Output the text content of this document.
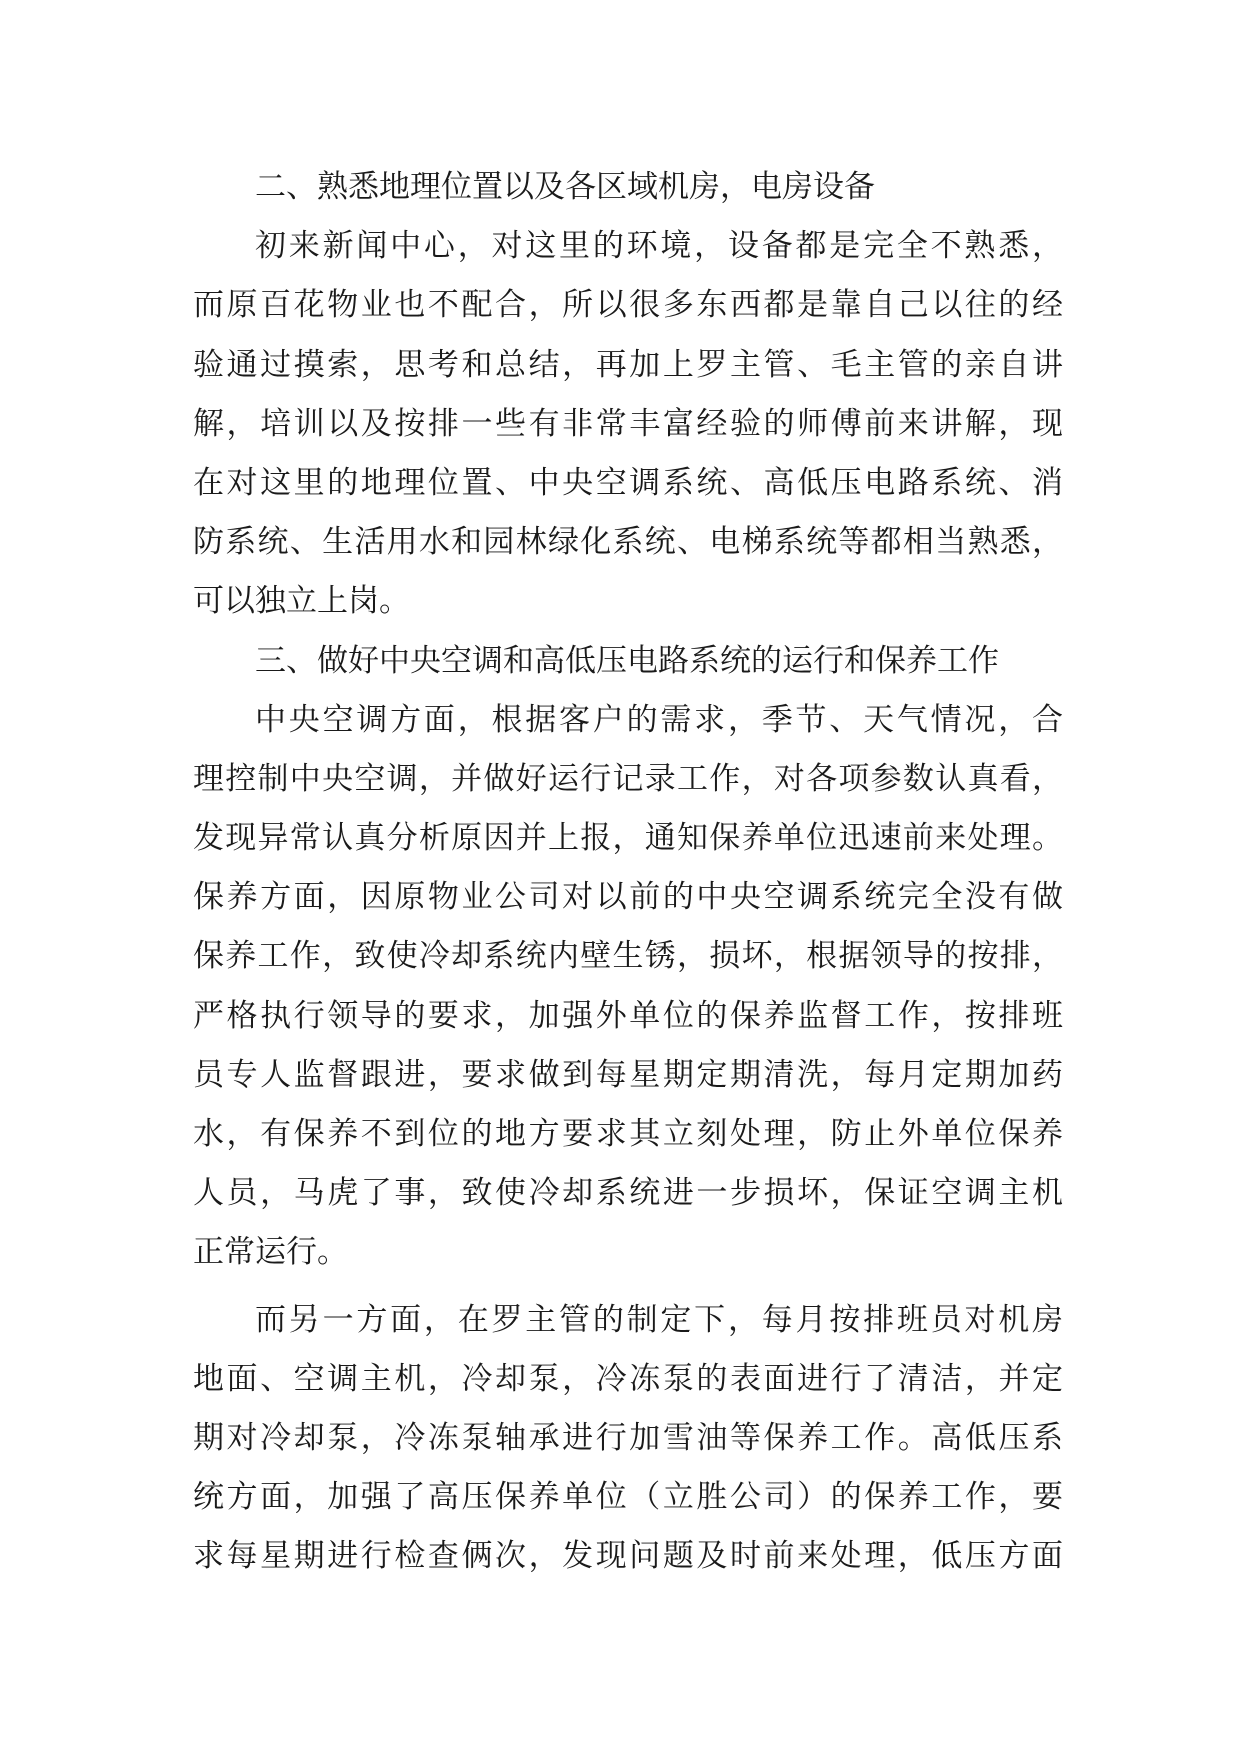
二、熟悉地理位置以及各区域机房，电房设备
初来新闻中心，对这里的环境，设备都是完全不熟悉，
而原百花物业也不配合，所以很多东西都是靠自己以往的经
验通过摸索，思考和总结，再加上罗主管、毛主管的亲自讲
解，培训以及按排一些有非常丰富经验的师傅前来讲解，现
在对这里的地理位置、中央空调系统、高低压电路系统、消
防系统、生活用水和园林绿化系统、电梯系统等都相当熟悉，
可以独立上岗。
三、做好中央空调和高低压电路系统的运行和保养工作
中央空调方面，根据客户的需求，季节、天气情况，合
理控制中央空调，并做好运行记录工作，对各项参数认真看，
发现异常认真分析原因并上报，通知保养单位迅速前来处理。
保养方面，因原物业公司对以前的中央空调系统完全没有做
保养工作，致使冷却系统内壁生锈，损坏，根据领导的按排，
严格执行领导的要求，加强外单位的保养监督工作，按排班
员专人监督跟进，要求做到每星期定期清洗，每月定期加药
水，有保养不到位的地方要求其立刻处理，防止外单位保养
人员，马虎了事，致使冷却系统进一步损坏，保证空调主机
正常运行。
而另一方面，在罗主管的制定下，每月按排班员对机房
地面、空调主机，冷却泵，冷冻泵的表面进行了清洁，并定
期对冷却泵，冷冻泵轴承进行加雪油等保养工作。高低压系
统方面，加强了高压保养单位（立胜公司）的保养工作，要
求每星期进行检查俩次，发现问题及时前来处理，低压方面
